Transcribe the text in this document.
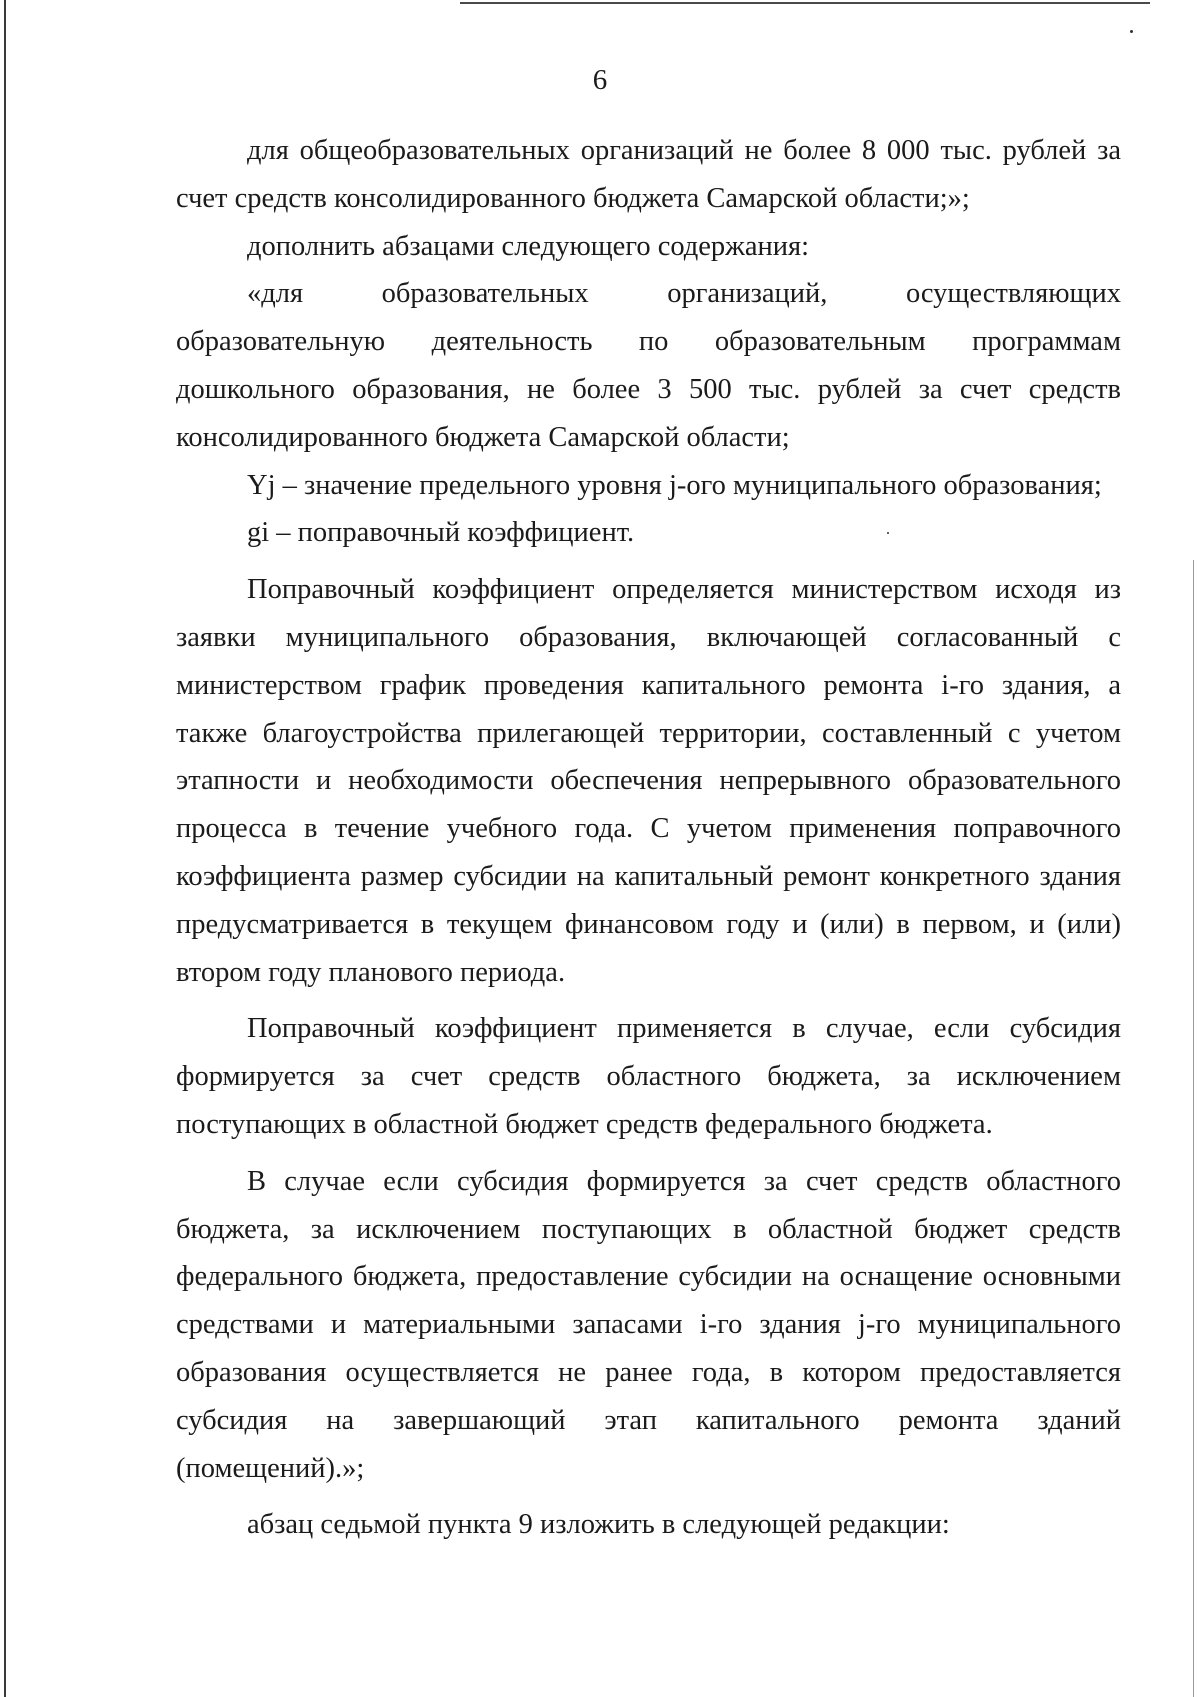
6

для общеобразовательных организаций не более 8 000 тыс. рублей за счет средств консолидированного бюджета Самарской области;»;

дополнить абзацами следующего содержания:

«для образовательных организаций, осуществляющих образовательную деятельность по образовательным программам дошкольного образования, не более 3 500 тыс. рублей за счет средств консолидированного бюджета Самарской области;

Yj – значение предельного уровня j-ого муниципального образования;

gi – поправочный коэффициент.

Поправочный коэффициент определяется министерством исходя из заявки муниципального образования, включающей согласованный с министерством график проведения капитального ремонта i-го здания, а также благоустройства прилегающей территории, составленный с учетом этапности и необходимости обеспечения непрерывного образовательного процесса в течение учебного года. С учетом применения поправочного коэффициента размер субсидии на капитальный ремонт конкретного здания предусматривается в текущем финансовом году и (или) в первом, и (или) втором году планового периода.

Поправочный коэффициент применяется в случае, если субсидия формируется за счет средств областного бюджета, за исключением поступающих в областной бюджет средств федерального бюджета.

В случае если субсидия формируется за счет средств областного бюджета, за исключением поступающих в областной бюджет средств федерального бюджета, предоставление субсидии на оснащение основными средствами и материальными запасами i-го здания j-го муниципального образования осуществляется не ранее года, в котором предоставляется субсидия на завершающий этап капитального ремонта зданий (помещений).»;

абзац седьмой пункта 9 изложить в следующей редакции:
